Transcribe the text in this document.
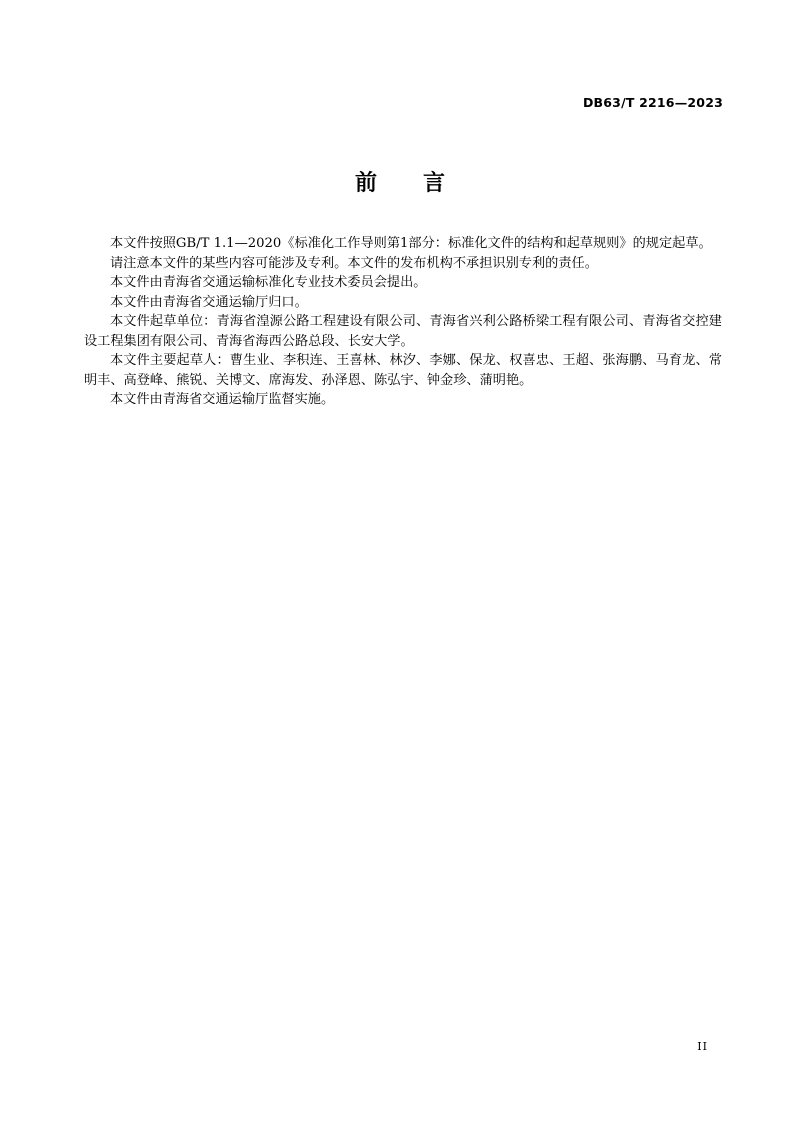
DB63/T 2216—2023
前 言

本文件按照GB/T 1.1—2020《标准化工作导则第1部分：标准化文件的结构和起草规则》的规定起草。

请注意本文件的某些内容可能涉及专利。本文件的发布机构不承担识别专利的责任。

本文件由青海省交通运输标准化专业技术委员会提出。

本文件由青海省交通运输厅归口。

本文件起草单位：青海省湟源公路工程建设有限公司、青海省兴利公路桥梁工程有限公司、青海省交控建设工程集团有限公司、青海省海西公路总段、长安大学。

本文件主要起草人：曹生业、李积连、王喜林、林汐、李娜、保龙、权喜忠、王超、张海鹏、马育龙、常明丰、高登峰、熊锐、关博文、席海发、孙泽恩、陈弘宇、钟金珍、蒲明艳。

本文件由青海省交通运输厅监督实施。

II
